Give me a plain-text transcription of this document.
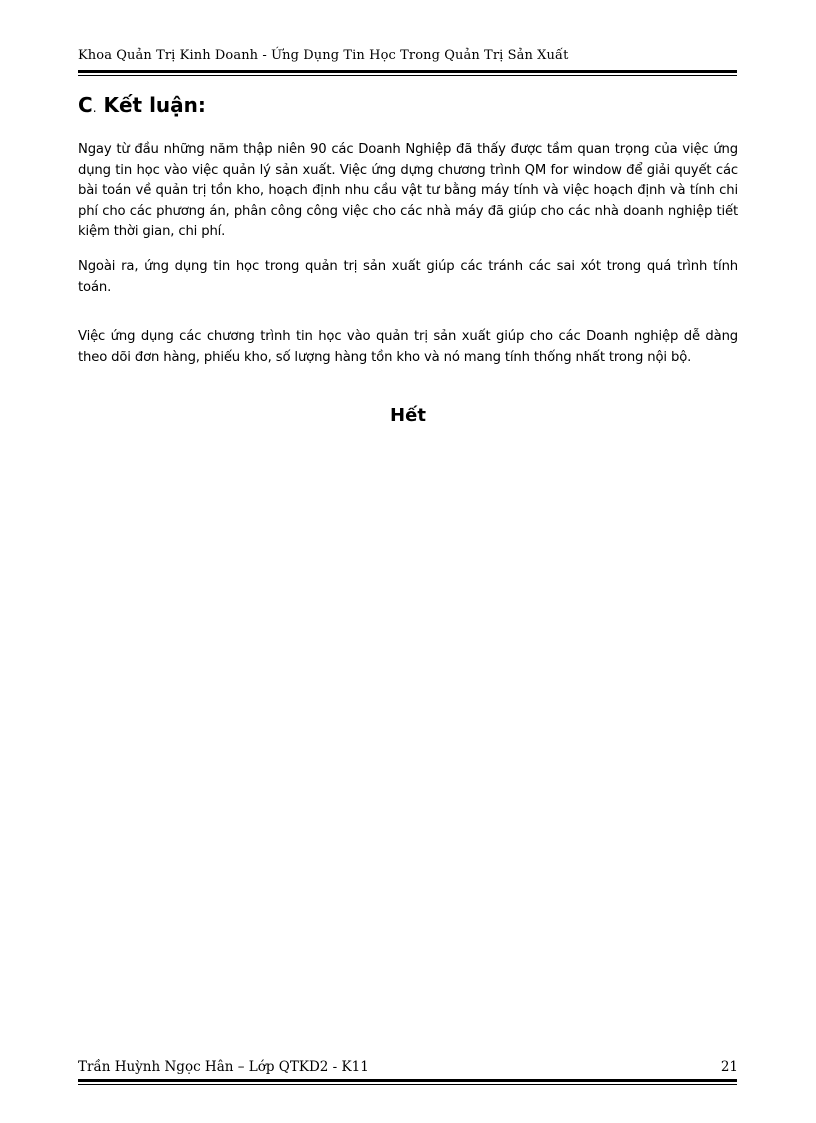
Khoa Quản Trị Kinh Doanh - Ứng Dụng Tin Học Trong Quản Trị Sản Xuất
C. Kết luận:
Ngay từ đầu những năm thập niên 90 các Doanh Nghiệp đã thấy được tầm quan trọng của việc ứng dụng tin học vào việc quản lý sản xuất. Việc ứng dựng chương trình QM for window để giải quyết các bài toán về quản trị tồn kho, hoạch định nhu cầu vật tư bằng máy tính và việc hoạch định và tính chi phí cho các phương án, phân công công việc cho các nhà máy đã giúp cho các nhà doanh nghiệp tiết kiệm thời gian, chi phí.
Ngoài ra, ứng dụng tin học trong quản trị sản xuất giúp các tránh các sai xót trong quá trình tính toán.
Việc ứng dụng các chương trình tin học vào quản trị sản xuất giúp cho các Doanh nghiệp dễ dàng theo dõi đơn hàng, phiếu kho, số lượng hàng tồn kho và nó mang tính thống nhất trong nội bộ.
Hết
Trần Huỳnh Ngọc Hân – Lớp QTKD2 - K11	21
